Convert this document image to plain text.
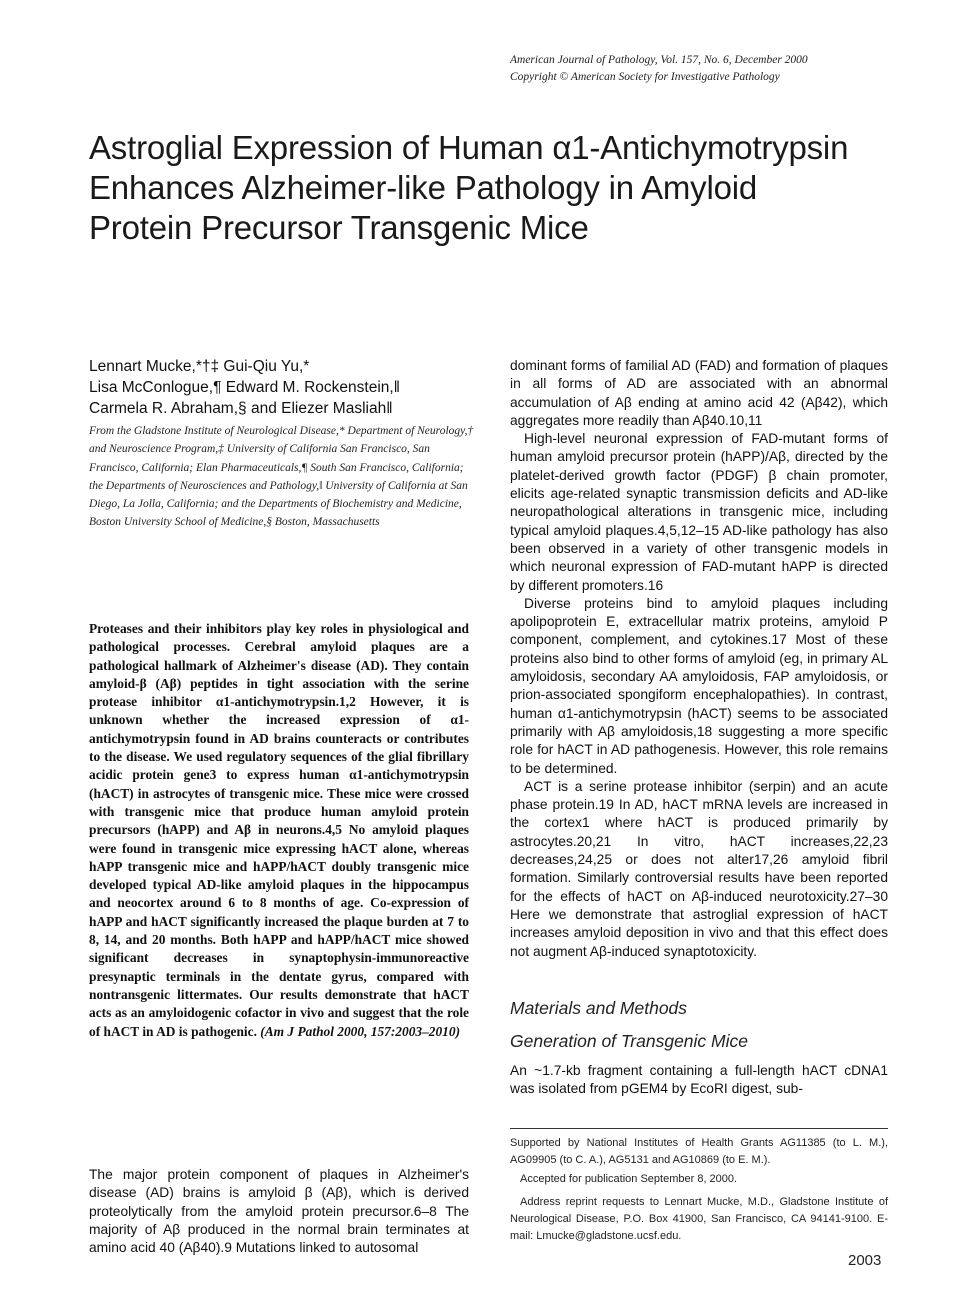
American Journal of Pathology, Vol. 157, No. 6, December 2000
Copyright © American Society for Investigative Pathology
Astroglial Expression of Human α1-Antichymotrypsin
Enhances Alzheimer-like Pathology in Amyloid
Protein Precursor Transgenic Mice
Lennart Mucke,*†‡ Gui-Qiu Yu,*
Lisa McConlogue,¶ Edward M. Rockenstein,‖
Carmela R. Abraham,§ and Eliezer Masliah‖
From the Gladstone Institute of Neurological Disease,* Department of Neurology,† and Neuroscience Program,‡ University of California San Francisco, San Francisco, California; Elan Pharmaceuticals,¶ South San Francisco, California; the Departments of Neurosciences and Pathology,‖ University of California at San Diego, La Jolla, California; and the Departments of Biochemistry and Medicine, Boston University School of Medicine,§ Boston, Massachusetts
Proteases and their inhibitors play key roles in physiological and pathological processes. Cerebral amyloid plaques are a pathological hallmark of Alzheimer's disease (AD). They contain amyloid-β (Aβ) peptides in tight association with the serine protease inhibitor α1-antichymotrypsin.1,2 However, it is unknown whether the increased expression of α1-antichymotrypsin found in AD brains counteracts or contributes to the disease. We used regulatory sequences of the glial fibrillary acidic protein gene3 to express human α1-antichymotrypsin (hACT) in astrocytes of transgenic mice. These mice were crossed with transgenic mice that produce human amyloid protein precursors (hAPP) and Aβ in neurons.4,5 No amyloid plaques were found in transgenic mice expressing hACT alone, whereas hAPP transgenic mice and hAPP/hACT doubly transgenic mice developed typical AD-like amyloid plaques in the hippocampus and neocortex around 6 to 8 months of age. Co-expression of hAPP and hACT significantly increased the plaque burden at 7 to 8, 14, and 20 months. Both hAPP and hAPP/hACT mice showed significant decreases in synaptophysin-immunoreactive presynaptic terminals in the dentate gyrus, compared with nontransgenic littermates. Our results demonstrate that hACT acts as an amyloidogenic cofactor in vivo and suggest that the role of hACT in AD is pathogenic. (Am J Pathol 2000, 157:2003–2010)
The major protein component of plaques in Alzheimer's disease (AD) brains is amyloid β (Aβ), which is derived proteolytically from the amyloid protein precursor.6–8 The majority of Aβ produced in the normal brain terminates at amino acid 40 (Aβ40).9 Mutations linked to autosomal

dominant forms of familial AD (FAD) and formation of plaques in all forms of AD are associated with an abnormal accumulation of Aβ ending at amino acid 42 (Aβ42), which aggregates more readily than Aβ40.10,11

High-level neuronal expression of FAD-mutant forms of human amyloid precursor protein (hAPP)/Aβ, directed by the platelet-derived growth factor (PDGF) β chain promoter, elicits age-related synaptic transmission deficits and AD-like neuropathological alterations in transgenic mice, including typical amyloid plaques.4,5,12–15 AD-like pathology has also been observed in a variety of other transgenic models in which neuronal expression of FAD-mutant hAPP is directed by different promoters.16

Diverse proteins bind to amyloid plaques including apolipoprotein E, extracellular matrix proteins, amyloid P component, complement, and cytokines.17 Most of these proteins also bind to other forms of amyloid (eg, in primary AL amyloidosis, secondary AA amyloidosis, FAP amyloidosis, or prion-associated spongiform encephalopathies). In contrast, human α1-antichymotrypsin (hACT) seems to be associated primarily with Aβ amyloidosis,18 suggesting a more specific role for hACT in AD pathogenesis. However, this role remains to be determined.

ACT is a serine protease inhibitor (serpin) and an acute phase protein.19 In AD, hACT mRNA levels are increased in the cortex1 where hACT is produced primarily by astrocytes.20,21 In vitro, hACT increases,22,23 decreases,24,25 or does not alter17,26 amyloid fibril formation. Similarly controversial results have been reported for the effects of hACT on Aβ-induced neurotoxicity.27–30 Here we demonstrate that astroglial expression of hACT increases amyloid deposition in vivo and that this effect does not augment Aβ-induced synaptotoxicity.

Materials and Methods
Generation of Transgenic Mice
An ~1.7-kb fragment containing a full-length hACT cDNA1 was isolated from pGEM4 by EcoRI digest, sub-

Supported by National Institutes of Health Grants AG11385 (to L. M.), AG09905 (to C. A.), AG5131 and AG10869 (to E. M.).

Accepted for publication September 8, 2000.

Address reprint requests to Lennart Mucke, M.D., Gladstone Institute of Neurological Disease, P.O. Box 41900, San Francisco, CA 94141-9100. E-mail: Lmucke@gladstone.ucsf.edu.

2003
